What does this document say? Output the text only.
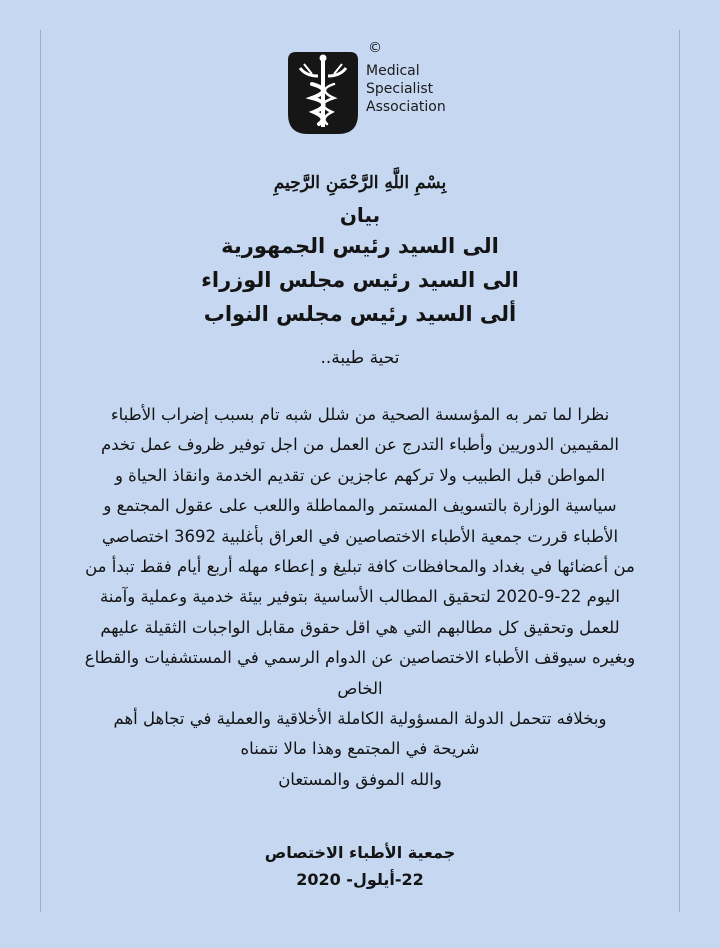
©
Medical
Specialist
Association
بِسْمِ اللَّهِ الرَّحْمَنِ الرَّحِيمِ
بيان
الى السيد رئيس الجمهورية
الى السيد رئيس مجلس الوزراء
ألى السيد رئيس مجلس النواب
تحية طيبة..
نظرا لما تمر به المؤسسة الصحية من شلل شبه تام بسبب إضراب الأطباء
المقيمين الدوريين وأطباء التدرج عن العمل من اجل توفير ظروف عمل تخدم
المواطن قبل الطبيب ولا تركهم عاجزين عن تقديم الخدمة وانقاذ الحياة و
سياسية الوزارة بالتسويف المستمر والمماطلة واللعب على عقول المجتمع و
الأطباء قررت جمعية الأطباء الاختصاصين في العراق بأغلبية 3692 اختصاصي
من أعضائها في بغداد والمحافظات كافة تبليغ و إعطاء مهله أربع أيام فقط تبدأ من
اليوم 22-9-2020 لتحقيق المطالب الأساسية بتوفير بيئة خدمية وعملية وآمنة
للعمل وتحقيق كل مطالبهم التي هي اقل حقوق مقابل الواجبات الثقيلة عليهم
وبغيره سيوقف الأطباء الاختصاصين عن الدوام الرسمي في المستشفيات والقطاع
الخاص
وبخلافه تتحمل الدولة المسؤولية الكاملة الأخلاقية والعملية في تجاهل أهم
شريحة في المجتمع وهذا مالا نتمناه
والله الموفق والمستعان
جمعية الأطباء الاختصاص
22-أيلول- 2020
